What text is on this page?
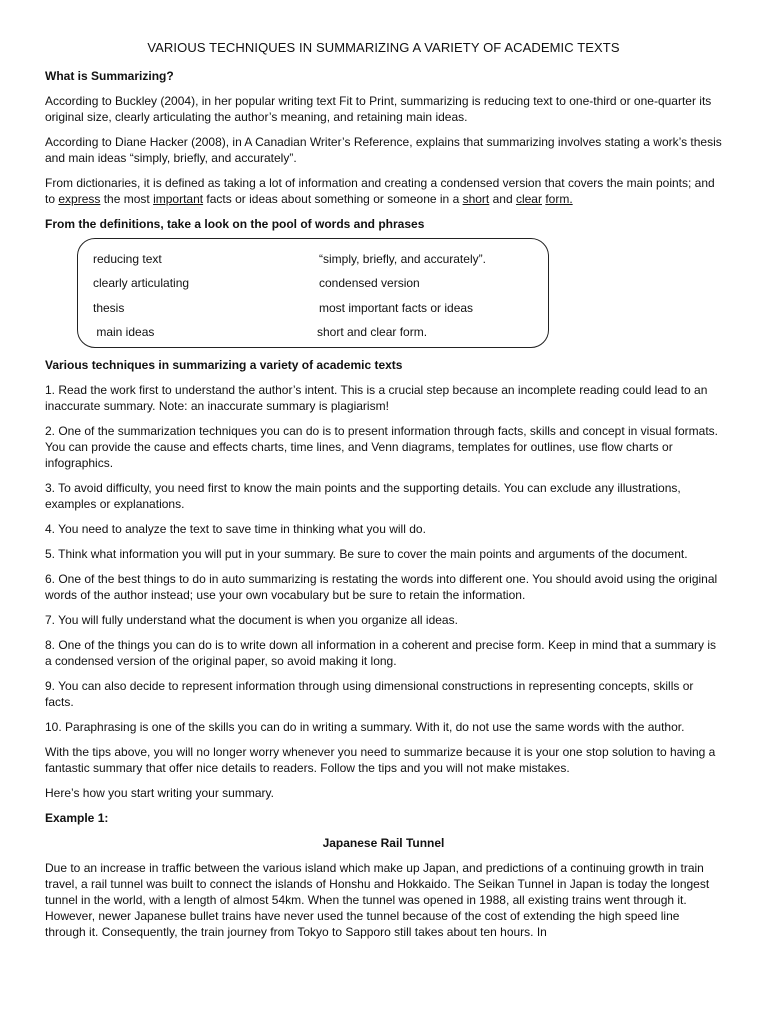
VARIOUS TECHNIQUES IN SUMMARIZING A VARIETY OF ACADEMIC TEXTS

What is Summarizing?

According to Buckley (2004), in her popular writing text Fit to Print, summarizing is reducing text to one-third or one-quarter its original size, clearly articulating the author’s meaning, and retaining main ideas.

According to Diane Hacker (2008), in A Canadian Writer’s Reference, explains that summarizing involves stating a work’s thesis and main ideas “simply, briefly, and accurately”.

From dictionaries, it is defined as taking a lot of information and creating a condensed version that covers the main points; and to express the most important facts or ideas about something or someone in a short and clear form.

From the definitions, take a look on the pool of words and phrases

reducing text
clearly articulating
thesis
main ideas
“simply, briefly, and accurately”.
condensed version
most important facts or ideas
short and clear form.

Various techniques in summarizing a variety of academic texts

1. Read the work first to understand the author’s intent. This is a crucial step because an incomplete reading could lead to an inaccurate summary. Note: an inaccurate summary is plagiarism!

2. One of the summarization techniques you can do is to present information through facts, skills and concept in visual formats. You can provide the cause and effects charts, time lines, and Venn diagrams, templates for outlines, use flow charts or infographics.

3. To avoid difficulty, you need first to know the main points and the supporting details. You can exclude any illustrations, examples or explanations.

4. You need to analyze the text to save time in thinking what you will do.

5. Think what information you will put in your summary. Be sure to cover the main points and arguments of the document.

6. One of the best things to do in auto summarizing is restating the words into different one. You should avoid using the original words of the author instead; use your own vocabulary but be sure to retain the information.

7. You will fully understand what the document is when you organize all ideas.

8. One of the things you can do is to write down all information in a coherent and precise form. Keep in mind that a summary is a condensed version of the original paper, so avoid making it long.

9. You can also decide to represent information through using dimensional constructions in representing concepts, skills or facts.

10. Paraphrasing is one of the skills you can do in writing a summary. With it, do not use the same words with the author.

With the tips above, you will no longer worry whenever you need to summarize because it is your one stop solution to having a fantastic summary that offer nice details to readers. Follow the tips and you will not make mistakes.

Here’s how you start writing your summary.

Example 1:

Japanese Rail Tunnel

Due to an increase in traffic between the various island which make up Japan, and predictions of a continuing growth in train travel, a rail tunnel was built to connect the islands of Honshu and Hokkaido. The Seikan Tunnel in Japan is today the longest tunnel in the world, with a length of almost 54km. When the tunnel was opened in 1988, all existing trains went through it. However, newer Japanese bullet trains have never used the tunnel because of the cost of extending the high speed line through it. Consequently, the train journey from Tokyo to Sapporo still takes about ten hours. In
